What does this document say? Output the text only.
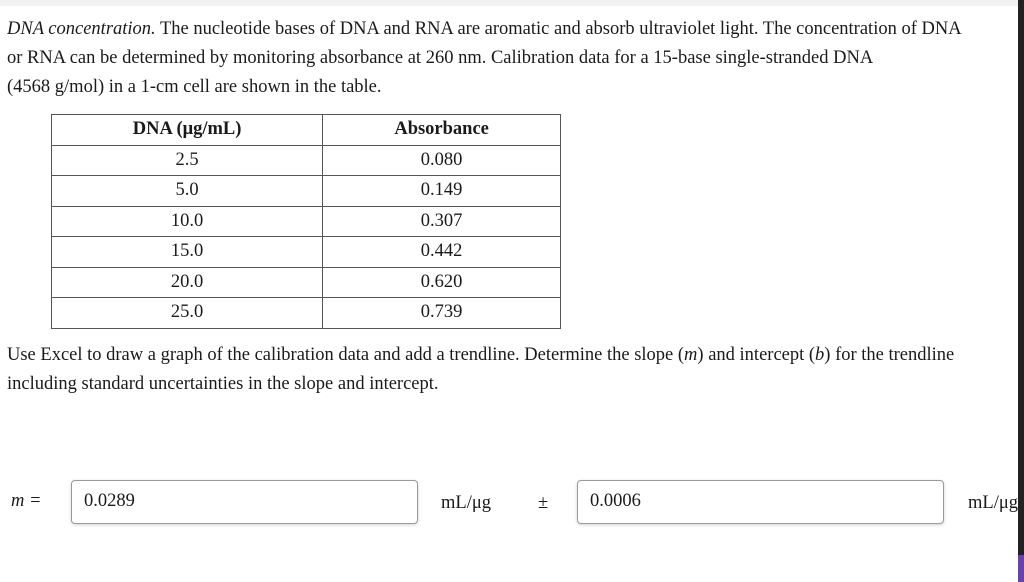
DNA concentration. The nucleotide bases of DNA and RNA are aromatic and absorb ultraviolet light. The concentration of DNA
or RNA can be determined by monitoring absorbance at 260 nm. Calibration data for a 15-base single-stranded DNA
(4568 g/mol) in a 1-cm cell are shown in the table.
DNA (μg/mL)	Absorbance
2.5	0.080
5.0	0.149
10.0	0.307
15.0	0.442
20.0	0.620
25.0	0.739
Use Excel to draw a graph of the calibration data and add a trendline. Determine the slope (m) and intercept (b) for the trendline
including standard uncertainties in the slope and intercept.
m =	0.0289	mL/μg	±	0.0006	mL/μg
